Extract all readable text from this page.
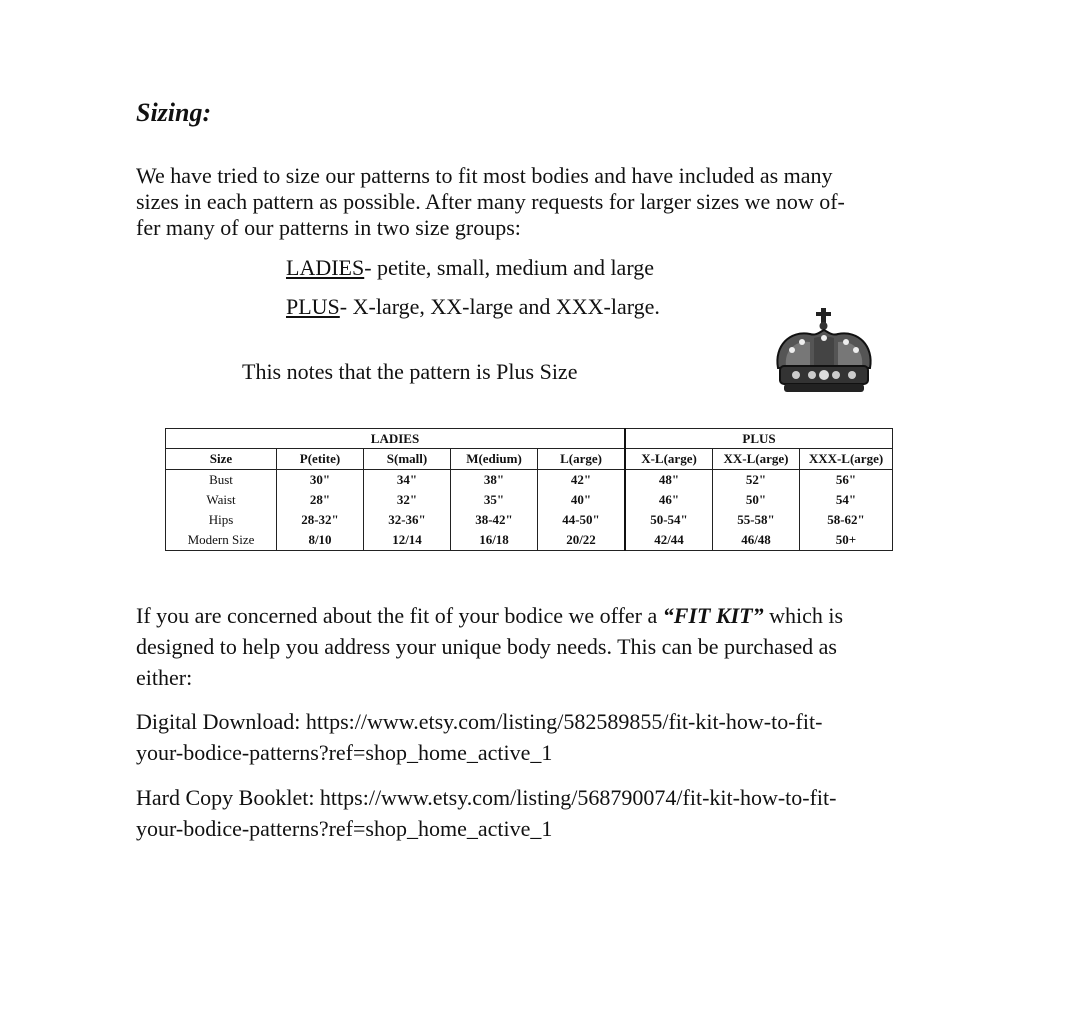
Sizing:
We have tried to size our patterns to fit most bodies and have included as many
sizes in each pattern as possible. After many requests for larger sizes we now of-
fer many of our patterns in two size groups:
LADIES- petite, small, medium and large
PLUS- X-large, XX-large and XXX-large.
This notes that the pattern is Plus Size
LADIES					PLUS		
Size	P(etite)	S(mall)	M(edium)	L(arge)	X-L(arge)	XX-L(arge)	XXX-L(arge)
Bust	30"	34"	38"	42"	48"	52"	56"
Waist	28"	32"	35"	40"	46"	50"	54"
Hips	28-32"	32-36"	38-42"	44-50"	50-54"	55-58"	58-62"
Modern Size	8/10	12/14	16/18	20/22	42/44	46/48	50+
If you are concerned about the fit of your bodice we offer a “FIT KIT” which is
designed to help you address your unique body needs. This can be purchased as
either:
Digital Download: https://www.etsy.com/listing/582589855/fit-kit-how-to-fit-
your-bodice-patterns?ref=shop_home_active_1
Hard Copy Booklet: https://www.etsy.com/listing/568790074/fit-kit-how-to-fit-
your-bodice-patterns?ref=shop_home_active_1
